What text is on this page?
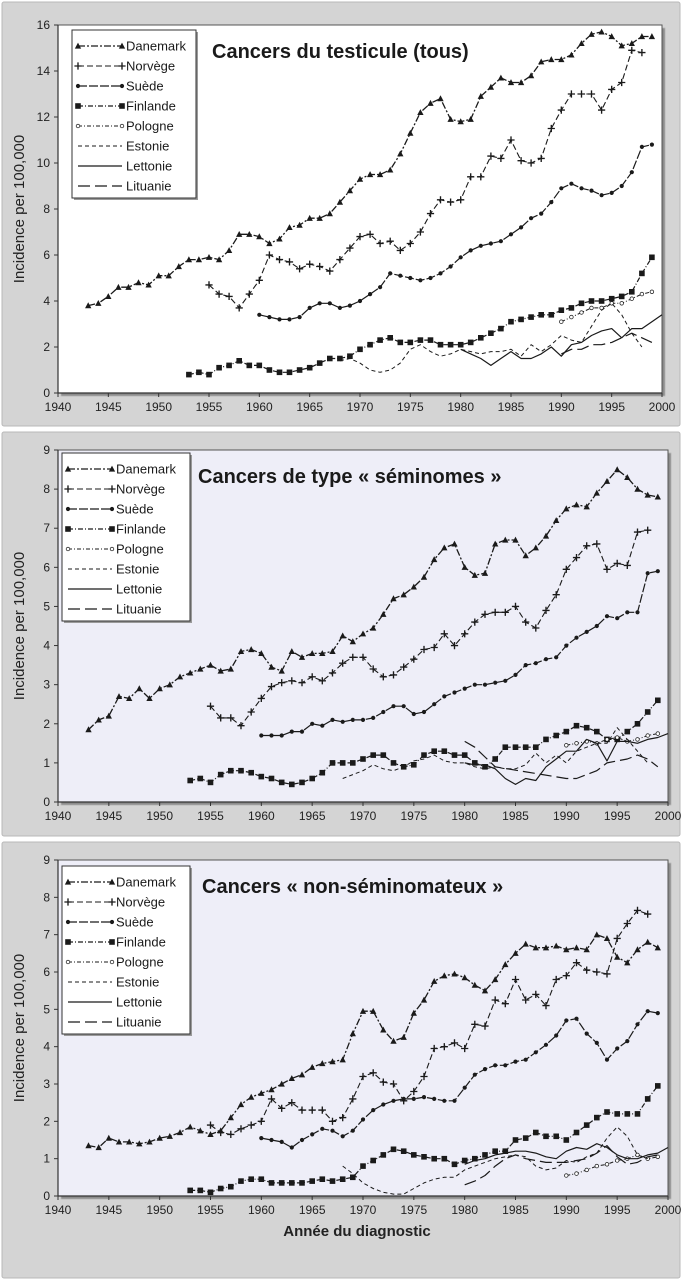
0
2
4
6
8
10
12
14
16
1940 1945 1950 1955 1960 1965 1970 1975 1980 1985 1990 1995 2000
Incidence per 100,000
Cancers du testicule (tous)
Danemark
Norvège
Suède
Finlande
Pologne
Estonie
Lettonie
Lituanie
0
1
2
3
4
5
6
7
8
9
1940 1945 1950 1955 1960 1965 1970 1975 1980 1985 1990 1995 2000
Incidence per 100,000
Cancers de type « séminomes »
Danemark
Norvège
Suède
Finlande
Pologne
Estonie
Lettonie
Lituanie
0
1
2
3
4
5
6
7
8
9
1940 1945 1950 1955 1960 1965 1970 1975 1980 1985 1990 1995 2000
Incidence per 100,000
Année du diagnostic
Cancers « non-séminomateux »
Danemark
Norvège
Suède
Finlande
Pologne
Estonie
Lettonie
Lituanie
